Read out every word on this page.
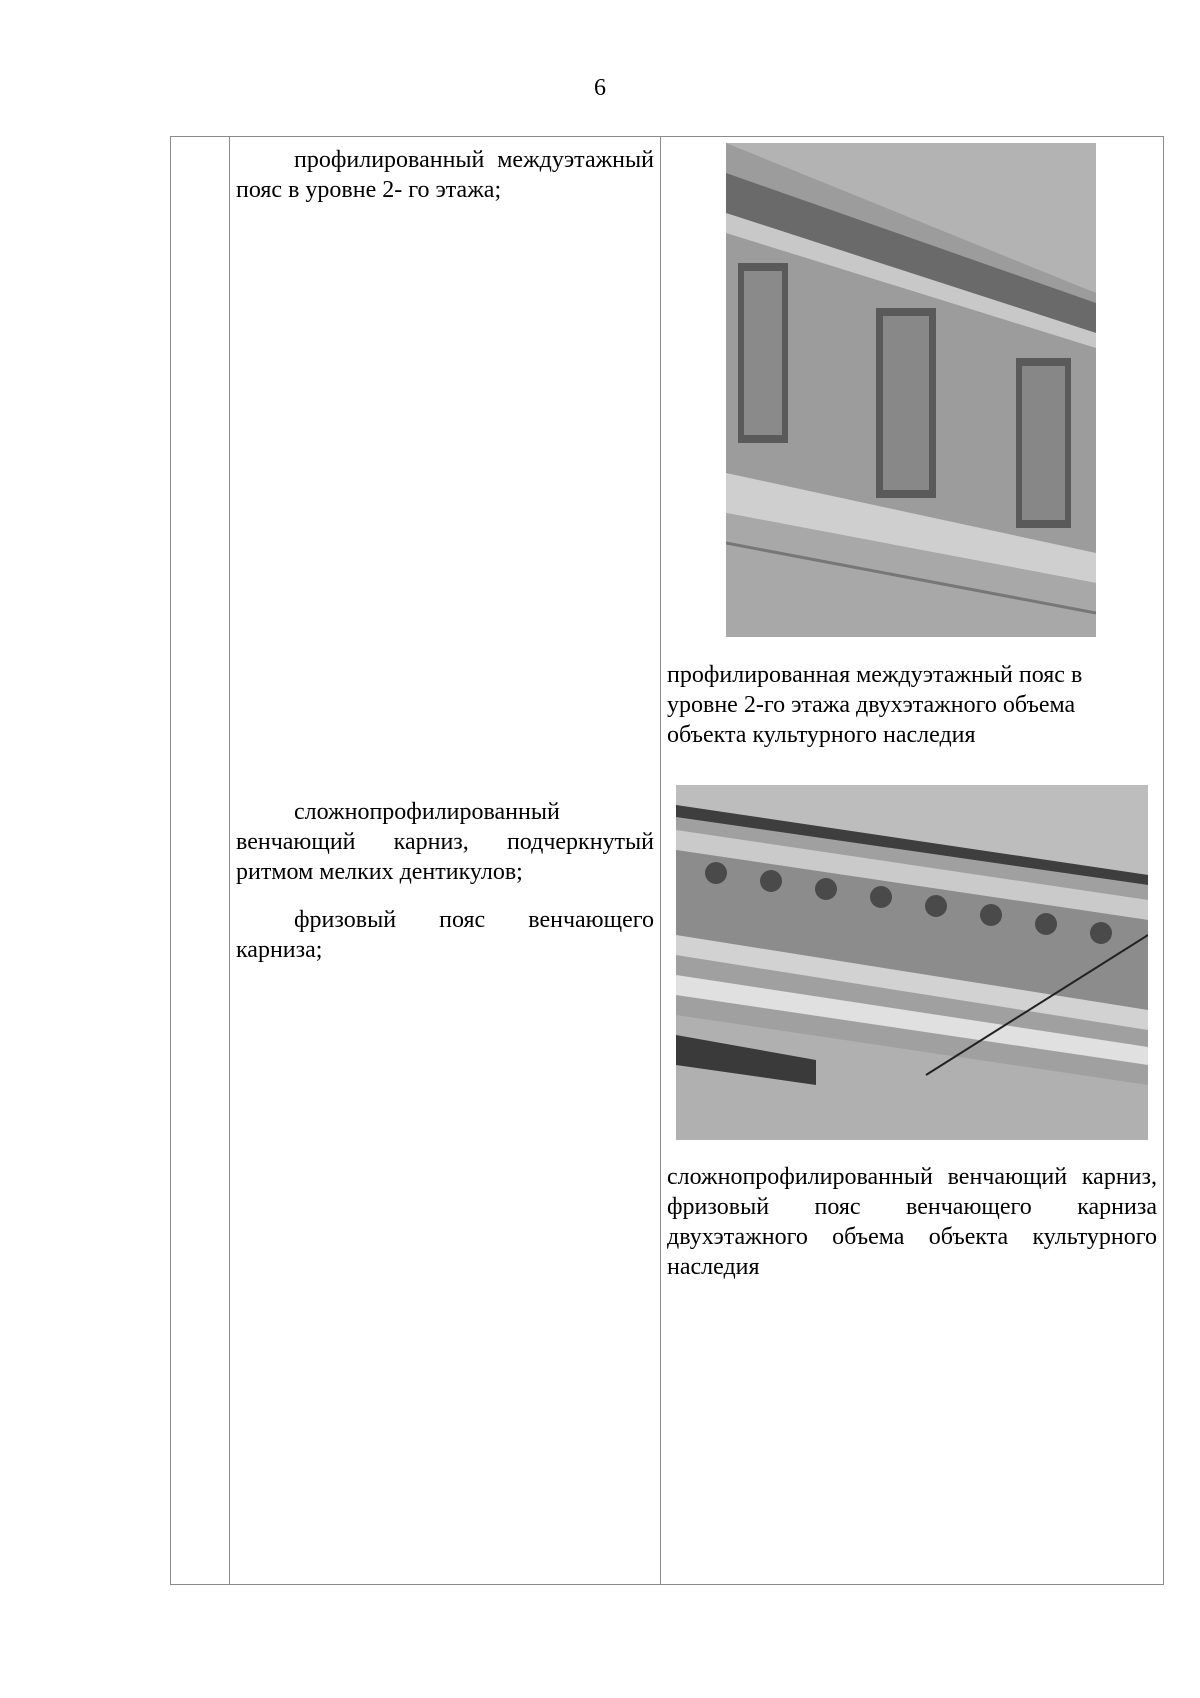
6

профилированный междуэтажный пояс в уровне 2- го этажа;

профилированная междуэтажный пояс в уровне 2-го этажа двухэтажного объема объекта культурного наследия

сложнопрофилированный венчающий карниз, подчеркнутый ритмом мелких дентикулов;

фризовый пояс венчающего карниза;

сложнопрофилированный венчающий карниз, фризовый пояс венчающего карниза двухэтажного объема объекта культурного наследия
